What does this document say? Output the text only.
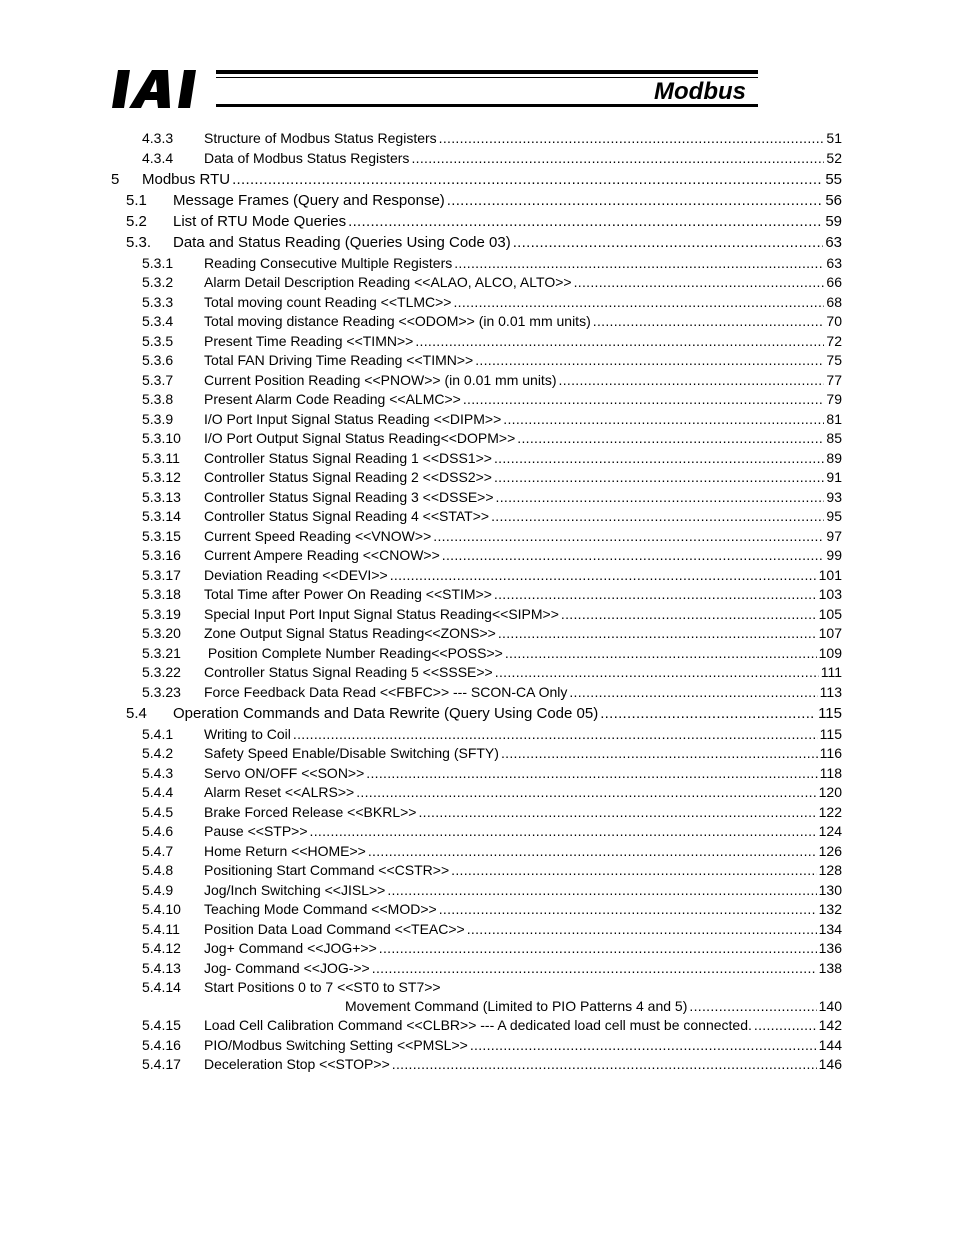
Modbus
4.3.3 Structure of Modbus Status Registers .....	51
4.3.4 Data of Modbus Status Registers .....	52
5 Modbus RTU .....	55
5.1 Message Frames (Query and Response) .....	56
5.2 List of RTU Mode Queries .....	59
5.3. Data and Status Reading (Queries Using Code 03) .....	63
5.3.1 Reading Consecutive Multiple Registers .....	63
5.3.2 Alarm Detail Description Reading <<ALAO, ALCO, ALTO>> .....	66
5.3.3 Total moving count Reading <<TLMC>> .....	68
5.3.4 Total moving distance Reading <<ODOM>> (in 0.01 mm units) .....	70
5.3.5 Present Time Reading <<TIMN>> .....	72
5.3.6 Total FAN Driving Time Reading <<TIMN>> .....	75
5.3.7 Current Position Reading <<PNOW>> (in 0.01 mm units) .....	77
5.3.8 Present Alarm Code Reading <<ALMC>> .....	79
5.3.9 I/O Port Input Signal Status Reading <<DIPM>> .....	81
5.3.10 I/O Port Output Signal Status Reading<<DOPM>> .....	85
5.3.11 Controller Status Signal Reading 1 <<DSS1>> .....	89
5.3.12 Controller Status Signal Reading 2 <<DSS2>> .....	91
5.3.13 Controller Status Signal Reading 3 <<DSSE>> .....	93
5.3.14 Controller Status Signal Reading 4 <<STAT>> .....	95
5.3.15 Current Speed Reading <<VNOW>> .....	97
5.3.16 Current Ampere Reading <<CNOW>> .....	99
5.3.17 Deviation Reading <<DEVI>> .....	101
5.3.18 Total Time after Power On Reading <<STIM>> .....	103
5.3.19 Special Input Port Input Signal Status Reading<<SIPM>> .....	105
5.3.20 Zone Output Signal Status Reading<<ZONS>> .....	107
5.3.21 Position Complete Number Reading<<POSS>> .....	109
5.3.22 Controller Status Signal Reading 5 <<SSSE>> .....	111
5.3.23 Force Feedback Data Read <<FBFC>> --- SCON-CA Only .....	113
5.4 Operation Commands and Data Rewrite (Query Using Code 05) .....	115
5.4.1 Writing to Coil .....	115
5.4.2 Safety Speed Enable/Disable Switching (SFTY) .....	116
5.4.3 Servo ON/OFF <<SON>> .....	118
5.4.4 Alarm Reset <<ALRS>> .....	120
5.4.5 Brake Forced Release <<BKRL>> .....	122
5.4.6 Pause <<STP>> .....	124
5.4.7 Home Return <<HOME>> .....	126
5.4.8 Positioning Start Command <<CSTR>> .....	128
5.4.9 Jog/Inch Switching <<JISL>> .....	130
5.4.10 Teaching Mode Command <<MOD>> .....	132
5.4.11 Position Data Load Command <<TEAC>> .....	134
5.4.12 Jog+ Command <<JOG+>> .....	136
5.4.13 Jog- Command <<JOG->> .....	138
5.4.14 Start Positions 0 to 7 <<ST0 to ST7>>
Movement Command (Limited to PIO Patterns 4 and 5) .....	140
5.4.15 Load Cell Calibration Command <<CLBR>> --- A dedicated load cell must be connected. .....	142
5.4.16 PIO/Modbus Switching Setting <<PMSL>> .....	144
5.4.17 Deceleration Stop <<STOP>> .....	146
